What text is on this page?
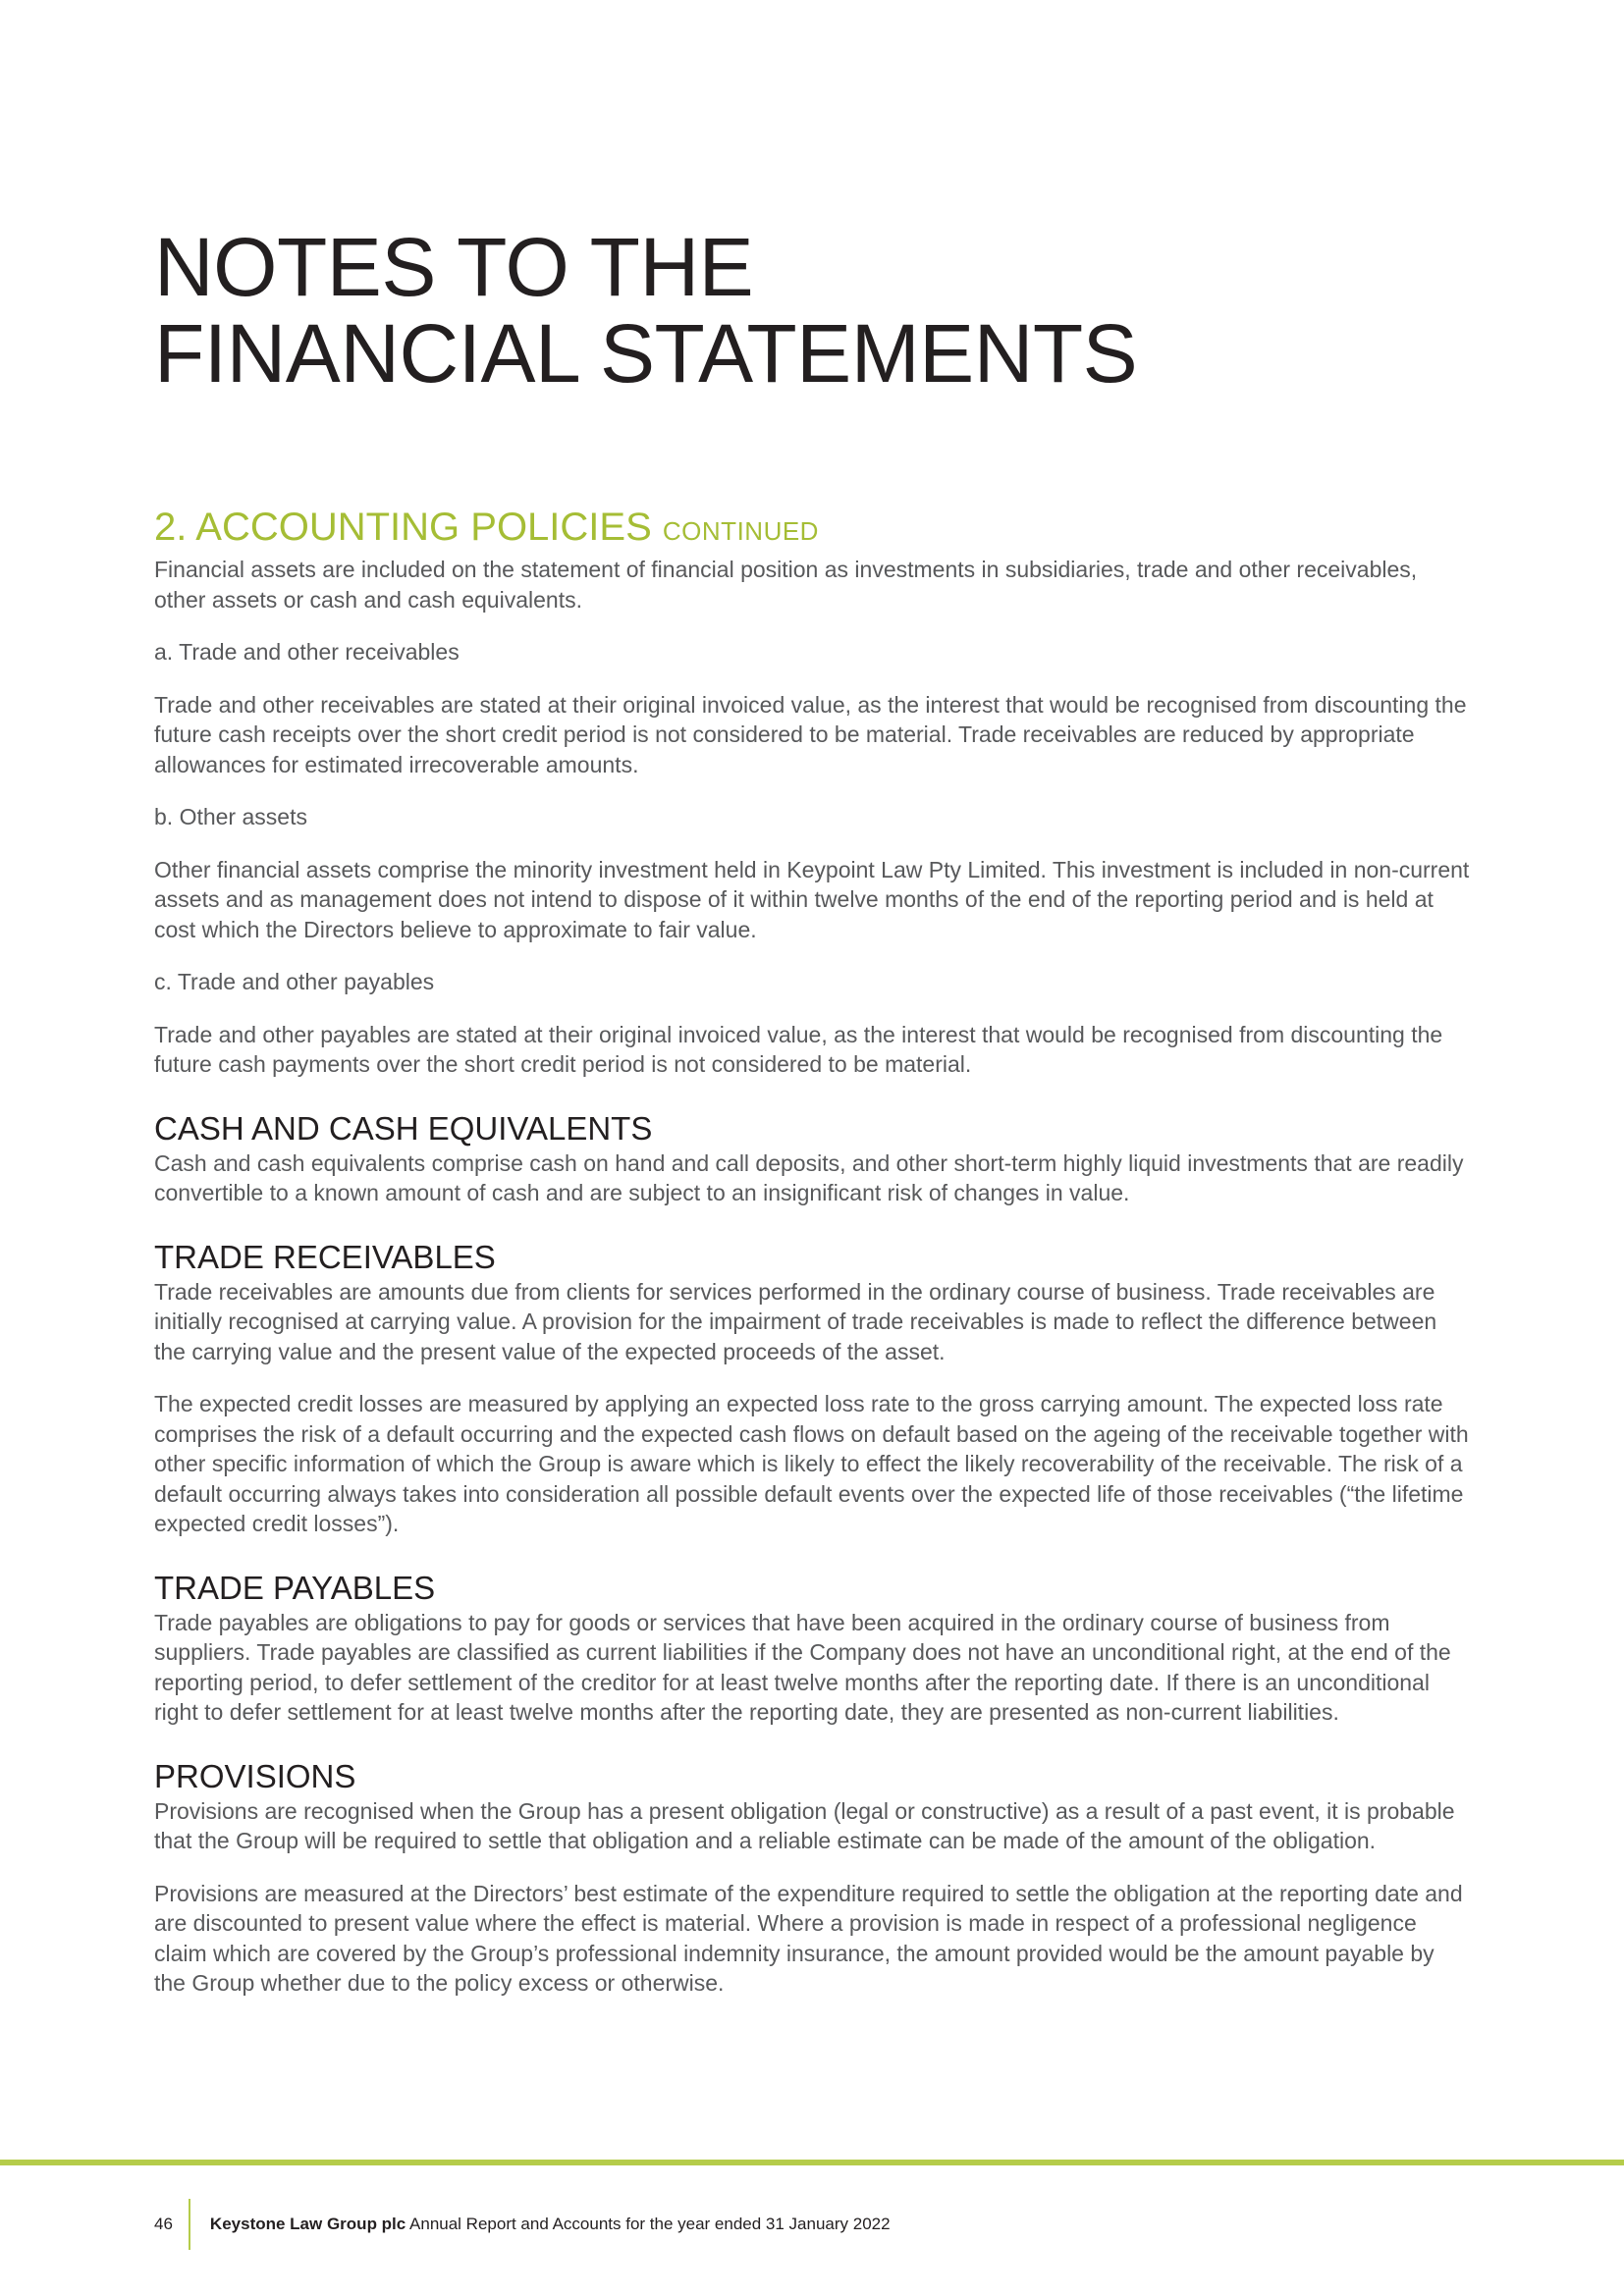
NOTES TO THE
FINANCIAL STATEMENTS
2. ACCOUNTING POLICIES CONTINUED

Financial assets are included on the statement of financial position as investments in subsidiaries, trade and other receivables, other assets or cash and cash equivalents.

a. Trade and other receivables

Trade and other receivables are stated at their original invoiced value, as the interest that would be recognised from discounting the future cash receipts over the short credit period is not considered to be material. Trade receivables are reduced by appropriate allowances for estimated irrecoverable amounts.

b. Other assets

Other financial assets comprise the minority investment held in Keypoint Law Pty Limited. This investment is included in non-current assets and as management does not intend to dispose of it within twelve months of the end of the reporting period and is held at cost which the Directors believe to approximate to fair value.

c. Trade and other payables

Trade and other payables are stated at their original invoiced value, as the interest that would be recognised from discounting the future cash payments over the short credit period is not considered to be material.

CASH AND CASH EQUIVALENTS

Cash and cash equivalents comprise cash on hand and call deposits, and other short-term highly liquid investments that are readily convertible to a known amount of cash and are subject to an insignificant risk of changes in value.

TRADE RECEIVABLES

Trade receivables are amounts due from clients for services performed in the ordinary course of business. Trade receivables are initially recognised at carrying value. A provision for the impairment of trade receivables is made to reflect the difference between the carrying value and the present value of the expected proceeds of the asset.

The expected credit losses are measured by applying an expected loss rate to the gross carrying amount. The expected loss rate comprises the risk of a default occurring and the expected cash flows on default based on the ageing of the receivable together with other specific information of which the Group is aware which is likely to effect the likely recoverability of the receivable. The risk of a default occurring always takes into consideration all possible default events over the expected life of those receivables (“the lifetime expected credit losses”).

TRADE PAYABLES

Trade payables are obligations to pay for goods or services that have been acquired in the ordinary course of business from suppliers. Trade payables are classified as current liabilities if the Company does not have an unconditional right, at the end of the reporting period, to defer settlement of the creditor for at least twelve months after the reporting date. If there is an unconditional right to defer settlement for at least twelve months after the reporting date, they are presented as non-current liabilities.

PROVISIONS

Provisions are recognised when the Group has a present obligation (legal or constructive) as a result of a past event, it is probable that the Group will be required to settle that obligation and a reliable estimate can be made of the amount of the obligation.

Provisions are measured at the Directors’ best estimate of the expenditure required to settle the obligation at the reporting date and are discounted to present value where the effect is material. Where a provision is made in respect of a professional negligence claim which are covered by the Group’s professional indemnity insurance, the amount provided would be the amount payable by the Group whether due to the policy excess or otherwise.

46	Keystone Law Group plc Annual Report and Accounts for the year ended 31 January 2022
